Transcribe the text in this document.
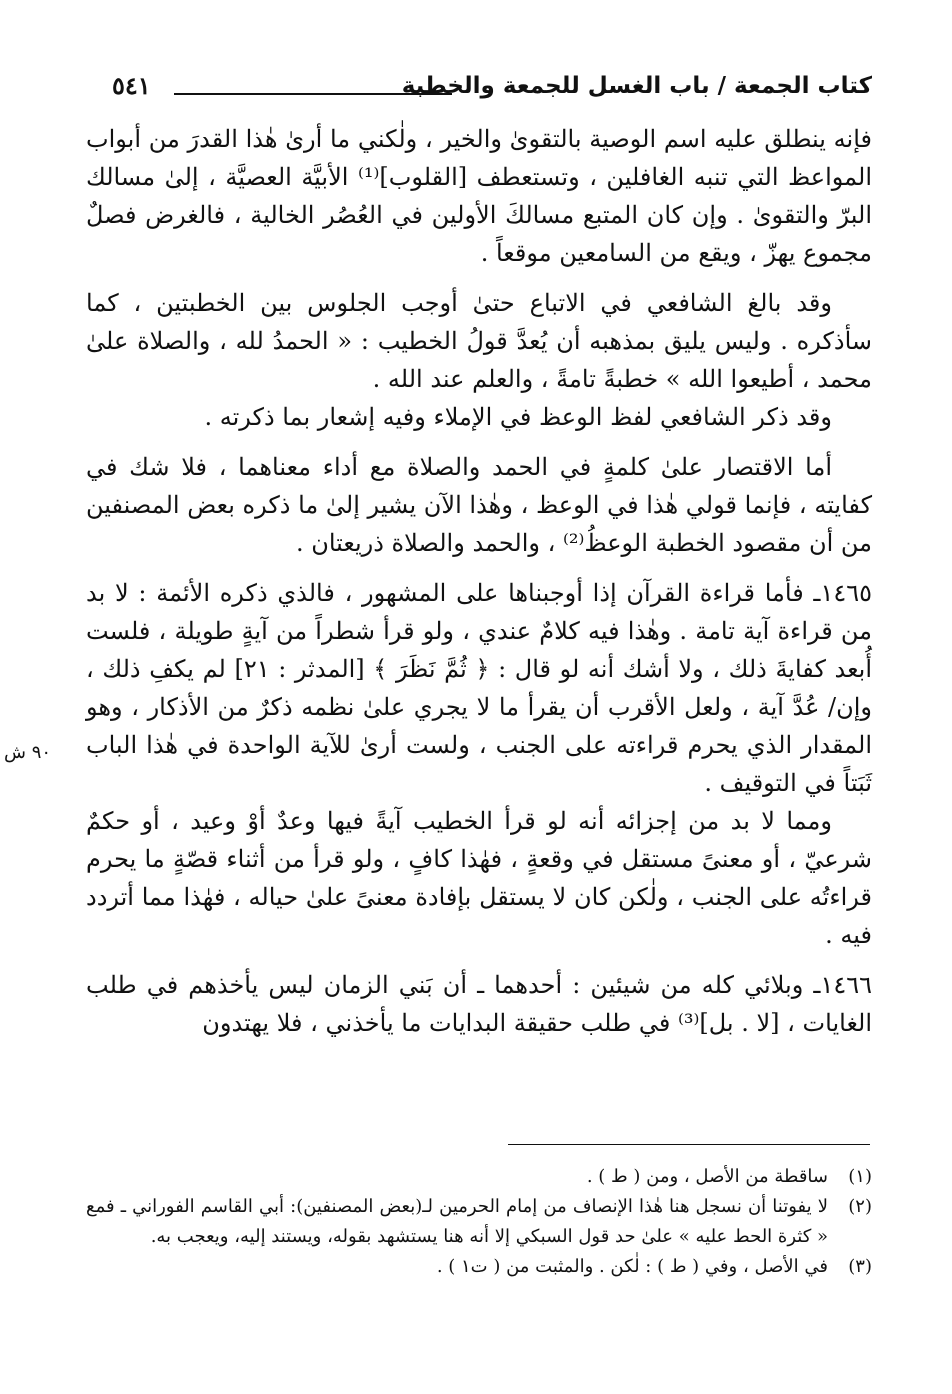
كتاب الجمعة / باب الغسل للجمعة والخطبة
٥٤١

فإنه ينطلق عليه اسم الوصية بالتقوىٰ والخير ، ولٰكني ما أرىٰ هٰذا القدرَ من أبواب المواعظ التي تنبه الغافلين ، وتستعطف [القلوب]⁽¹⁾ الأبيَّة العصيَّة ، إلىٰ مسالك البرّ والتقوىٰ . وإن كان المتبع مسالكَ الأولين في العُصُر الخالية ، فالغرض فصلٌ مجموع يهزّ ، ويقع من السامعين موقعاً .

وقد بالغ الشافعي في الاتباع حتىٰ أوجب الجلوس بين الخطبتين ، كما سأذكره . وليس يليق بمذهبه أن يُعدَّ قولُ الخطيب : « الحمدُ لله ، والصلاة علىٰ محمد ، أطيعوا الله » خطبةً تامةً ، والعلم عند الله .

وقد ذكر الشافعي لفظ الوعظ في الإملاء وفيه إشعار بما ذكرته .

أما الاقتصار علىٰ كلمةٍ في الحمد والصلاة مع أداء معناهما ، فلا شك في كفايته ، فإنما قولي هٰذا في الوعظ ، وهٰذا الآن يشير إلىٰ ما ذكره بعض المصنفين من أن مقصود الخطبة الوعظُ⁽²⁾ ، والحمد والصلاة ذريعتان .

١٤٦٥ـ فأما قراءة القرآن إذا أوجبناها على المشهور ، فالذي ذكره الأئمة : لا بد من قراءة آية تامة . وهٰذا فيه كلامٌ عندي ، ولو قرأ شطراً من آيةٍ طويلة ، فلست أُبعد كفايةَ ذلك ، ولا أشك أنه لو قال : ﴿ ثُمَّ نَظَرَ ﴾ [المدثر : ٢١] لم يكفِ ذلك ، وإن/ عُدَّ آية ، ولعل الأقرب أن يقرأ ما لا يجري علىٰ نظمه ذكرٌ من الأذكار ، وهو المقدار الذي يحرم قراءته على الجنب ، ولست أرىٰ للآية الواحدة في هٰذا الباب ثَبَتاً في التوقيف .

ومما لا بد من إجزائه أنه لو قرأ الخطيب آيةً فيها وعدٌ أوْ وعيد ، أو حكمٌ شرعيّ ، أو معنىً مستقل في وقعةٍ ، فهٰذا كافٍ ، ولو قرأ من أثناء قصّةٍ ما يحرم قراءتُه على الجنب ، ولٰكن كان لا يستقل بإفادة معنىً علىٰ حياله ، فهٰذا مما أتردد فيه .

١٤٦٦ـ وبلائي كله من شيئين : أحدهما ـ أن بَني الزمان ليس يأخذهم في طلب الغايات ، [لا . بل]⁽³⁾ في طلب حقيقة البدايات ما يأخذني ، فلا يهتدون

٩٠ ش

(١)
ساقطة من الأصل ، ومن ( ط ) .

(٢)
لا يفوتنا أن نسجل هنا هٰذا الإنصاف من إمام الحرمين لـ(بعض المصنفين): أبي القاسم الفوراني ـ فمع « كثرة الحط عليه » علىٰ حد قول السبكي إلا أنه هنا يستشهد بقوله، ويستند إليه، ويعجب به.

(٣)
في الأصل ، وفي ( ط ) : لٰكن . والمثبت من ( ت١ ) .
